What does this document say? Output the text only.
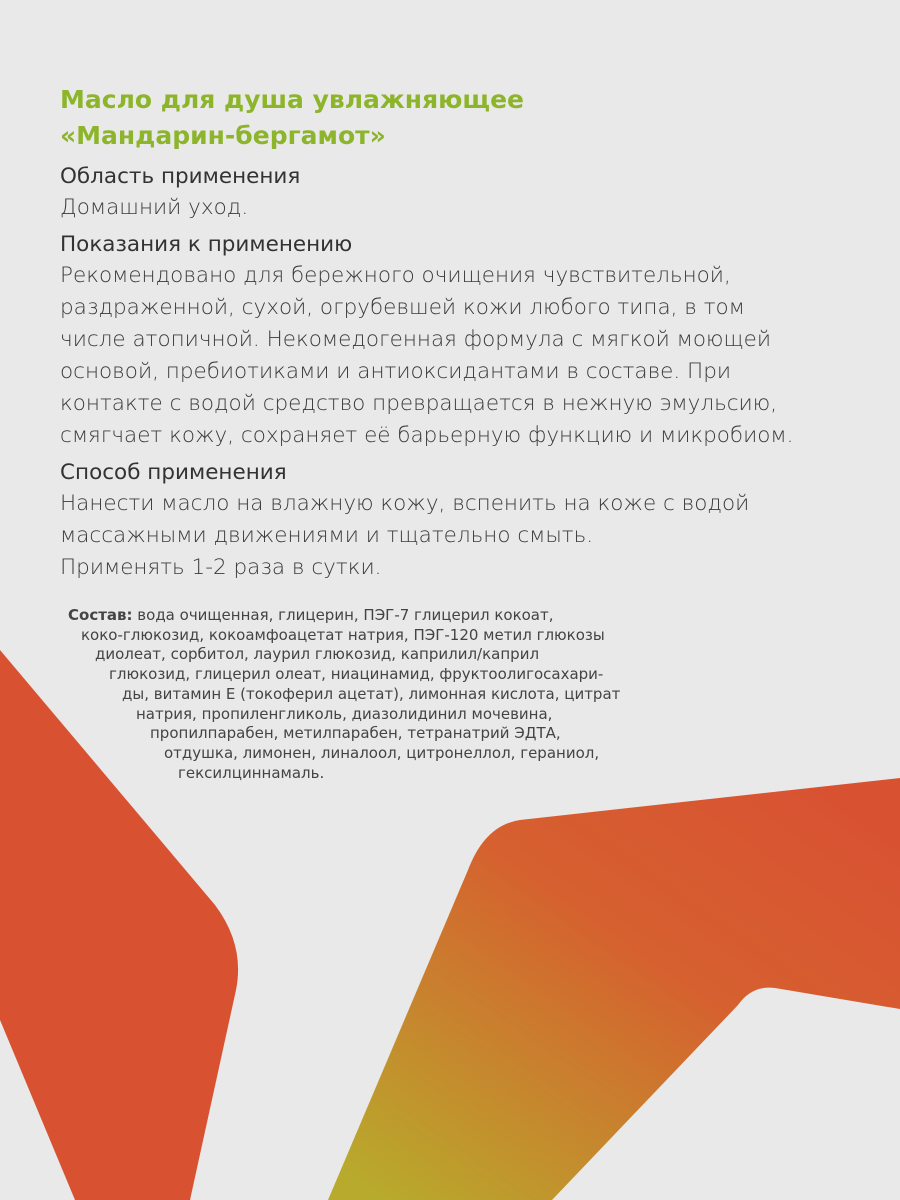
Масло для душа увлажняющее
«Мандарин-бергамот»
Область применения

Домашний уход.

Показания к применению

Рекомендовано для бережного очищения чувствительной,
раздраженной, сухой, огрубевшей кожи любого типа, в том
числе атопичной. Некомедогенная формула с мягкой моющей
основой, пребиотиками и антиоксидантами в составе. При
контакте с водой средство превращается в нежную эмульсию,
смягчает кожу, сохраняет её барьерную функцию и микробиом.

Способ применения

Нанести масло на влажную кожу, вспенить на коже с водой
массажными движениями и тщательно смыть.
Применять 1-2 раза в сутки.

Состав: вода очищенная, глицерин, ПЭГ-7 глицерил кокоат,
коко-глюкозид, кокоамфоацетат натрия, ПЭГ-120 метил глюкозы
диолеат, сорбитол, лаурил глюкозид, каприлил/каприл
глюкозид, глицерил олеат, ниацинамид, фруктоолигосахари-
ды, витамин Е (токоферил ацетат), лимонная кислота, цитрат
натрия, пропиленгликоль, диазолидинил мочевина,
пропилпарабен, метилпарабен, тетранатрий ЭДТА,
отдушка, лимонен, линалоол, цитронеллол, гераниол,
гексилциннамаль.
